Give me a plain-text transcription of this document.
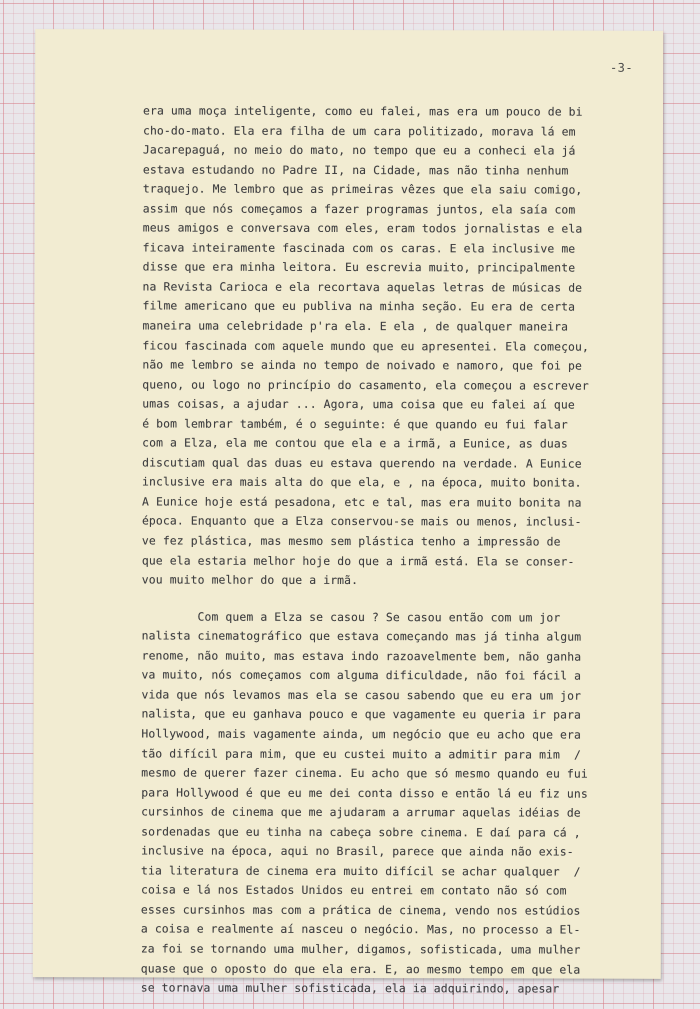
-3-
era uma moça inteligente, como eu falei, mas era um pouco de bi
cho-do-mato. Ela era filha de um cara politizado, morava lá em
Jacarepaguá, no meio do mato, no tempo que eu a conheci ela já
estava estudando no Padre II, na Cidade, mas não tinha nenhum
traquejo. Me lembro que as primeiras vêzes que ela saiu comigo,
assim que nós começamos a fazer programas juntos, ela saía com
meus amigos e conversava com eles, eram todos jornalistas e ela
ficava inteiramente fascinada com os caras. E ela inclusive me
disse que era minha leitora. Eu escrevia muito, principalmente
na Revista Carioca e ela recortava aquelas letras de músicas de
filme americano que eu publiva na minha seção. Eu era de certa
maneira uma celebridade p'ra ela. E ela , de qualquer maneira
ficou fascinada com aquele mundo que eu apresentei. Ela começou,
não me lembro se ainda no tempo de noivado e namoro, que foi pe
queno, ou logo no princípio do casamento, ela começou a escrever
umas coisas, a ajudar ... Agora, uma coisa que eu falei aí que
é bom lembrar também, é o seguinte: é que quando eu fui falar
com a Elza, ela me contou que ela e a irmã, a Eunice, as duas
discutiam qual das duas eu estava querendo na verdade. A Eunice
inclusive era mais alta do que ela, e , na época, muito bonita.
A Eunice hoje está pesadona, etc e tal, mas era muito bonita na
época. Enquanto que a Elza conservou-se mais ou menos, inclusi-
ve fez plástica, mas mesmo sem plástica tenho a impressão de
que ela estaria melhor hoje do que a irmã está. Ela se conser-
vou muito melhor do que a irmã.
Com quem a Elza se casou ? Se casou então com um jor
nalista cinematográfico que estava começando mas já tinha algum
renome, não muito, mas estava indo razoavelmente bem, não ganha
va muito, nós começamos com alguma dificuldade, não foi fácil a
vida que nós levamos mas ela se casou sabendo que eu era um jor
nalista, que eu ganhava pouco e que vagamente eu queria ir para
Hollywood, mais vagamente ainda, um negócio que eu acho que era
tão difícil para mim, que eu custei muito a admitir para mim  /
mesmo de querer fazer cinema. Eu acho que só mesmo quando eu fui
para Hollywood é que eu me dei conta disso e então lá eu fiz uns
cursinhos de cinema que me ajudaram a arrumar aquelas idéias de
sordenadas que eu tinha na cabeça sobre cinema. E daí para cá ,
inclusive na época, aqui no Brasil, parece que ainda não exis-
tia literatura de cinema era muito difícil se achar qualquer  /
coisa e lá nos Estados Unidos eu entrei em contato não só com
esses cursinhos mas com a prática de cinema, vendo nos estúdios
a coisa e realmente aí nasceu o negócio. Mas, no processo a El-
za foi se tornando uma mulher, digamos, sofisticada, uma mulher
quase que o oposto do que ela era. E, ao mesmo tempo em que ela
se tornava uma mulher sofisticada, ela ia adquirindo, apesar
